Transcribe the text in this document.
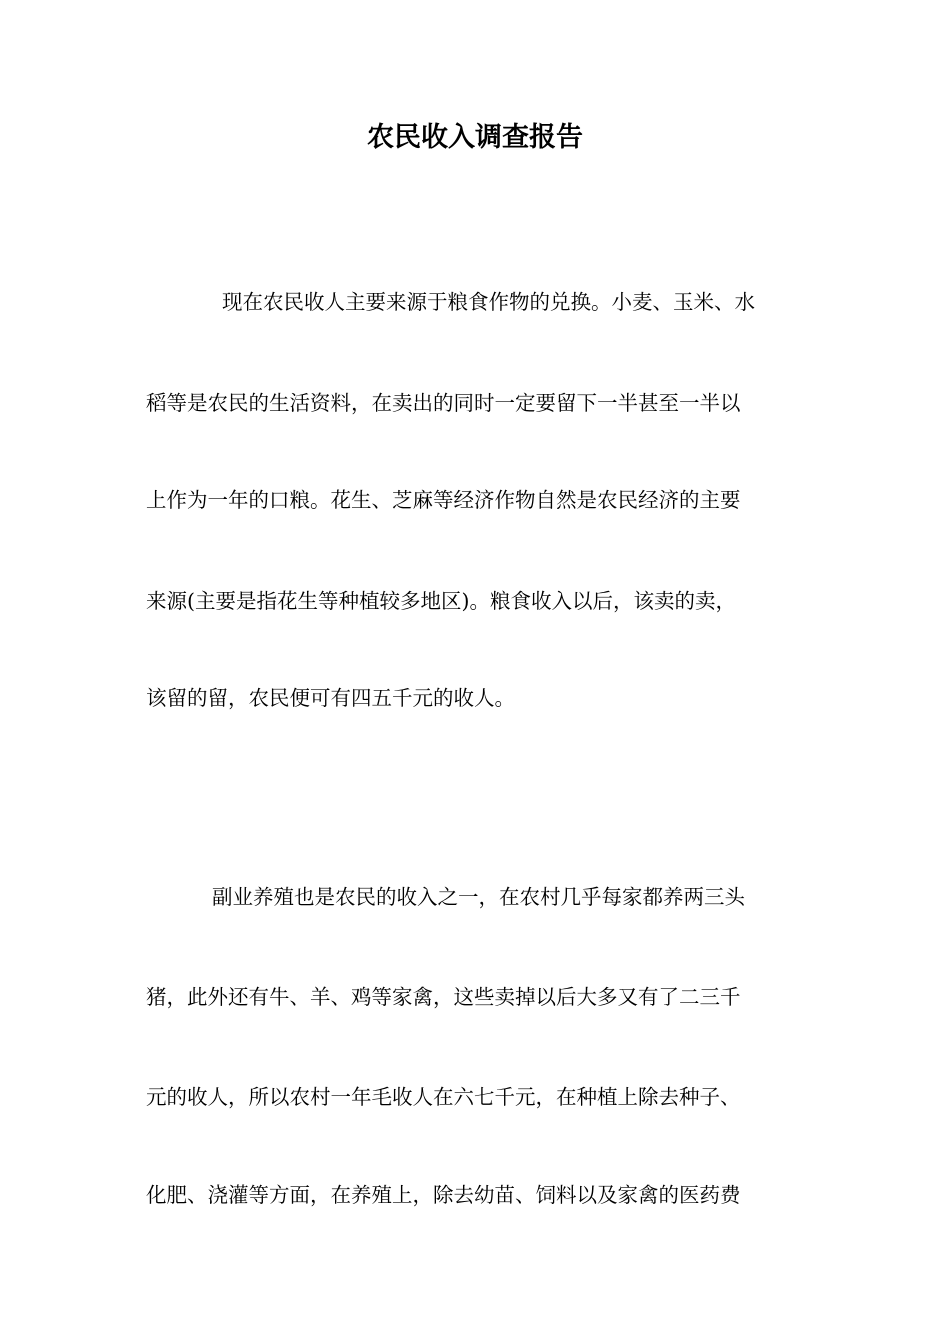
农民收入调查报告
现在农民收人主要来源于粮食作物的兑换。小麦、玉米、水
稻等是农民的生活资料，在卖出的同时一定要留下一半甚至一半以
上作为一年的口粮。花生、芝麻等经济作物自然是农民经济的主要
来源(主要是指花生等种植较多地区)。粮食收入以后，该卖的卖，
该留的留，农民便可有四五千元的收人。
副业养殖也是农民的收入之一，在农村几乎每家都养两三头
猪，此外还有牛、羊、鸡等家禽，这些卖掉以后大多又有了二三千
元的收人，所以农村一年毛收人在六七千元，在种植上除去种子、
化肥、浇灌等方面，在养殖上，除去幼苗、饲料以及家禽的医药费
